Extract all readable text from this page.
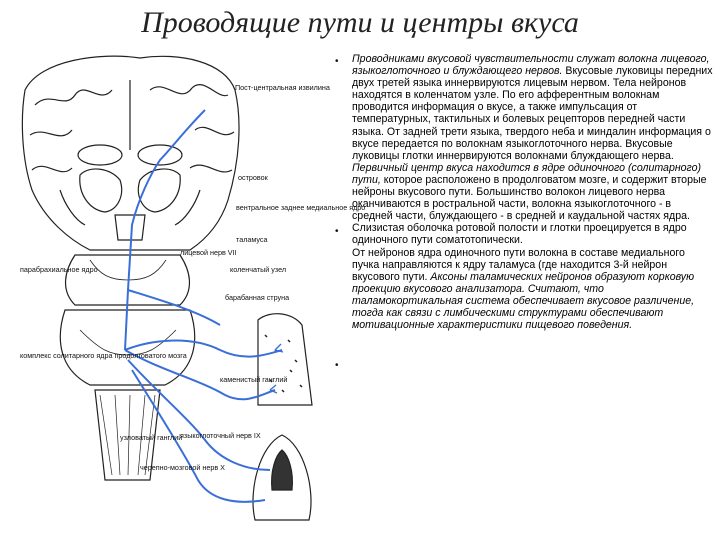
Проводящие пути и центры вкуса
Пост-центральная извилина
островок
вентральное заднее медиальное ядро
таламуса
лицевой нерв VII
коленчатый узел
барабанная струна
парабрахиальное ядро
комплекс солитарного ядра продолговатого мозга
каменистый ганглий
узловатый ганглий
языкоглоточный нерв IX
черепно-мозговой нерв X
•
•
•

Проводниками вкусовой чувствительности служат волокна лицевого, языкоглоточного и блуждающего нервов. Вкусовые луковицы передних двух третей языка иннервируются лицевым нервом. Тела нейронов находятся в коленчатом узле. По его афферентным волокнам проводится информация о вкусе, а также импульсация от температурных, тактильных и болевых рецепторов передней части языка. От задней трети языка, твердого неба и миндалин информация о вкусе передается по волокнам языкоглоточного нерва. Вкусовые луковицы глотки иннервируются волокнами блуждающего нерва.

Первичный центр вкуса находится в ядре одиночного (солитарного) пути, которое расположено в продолговатом мозге, и содержит вторые нейроны вкусового пути. Большинство волокон лицевого нерва оканчиваются в ростральной части, волокна языкоглоточного - в средней части, блуждающего - в средней и каудальной частях ядра. Слизистая оболочка ротовой полости и глотки проецируется в ядро одиночного пути соматотопически.

От нейронов ядра одиночного пути волокна в составе медиального пучка направляются к ядру таламуса (где находится 3-й нейрон вкусового пути. Аксоны таламических нейронов образуют корковую проекцию вкусового анализатора. Считают, что таламокортикальная система обеспечивает вкусовое различение, тогда как связи с лимбическими структурами обеспечивают мотивационные характеристики пищевого поведения.
